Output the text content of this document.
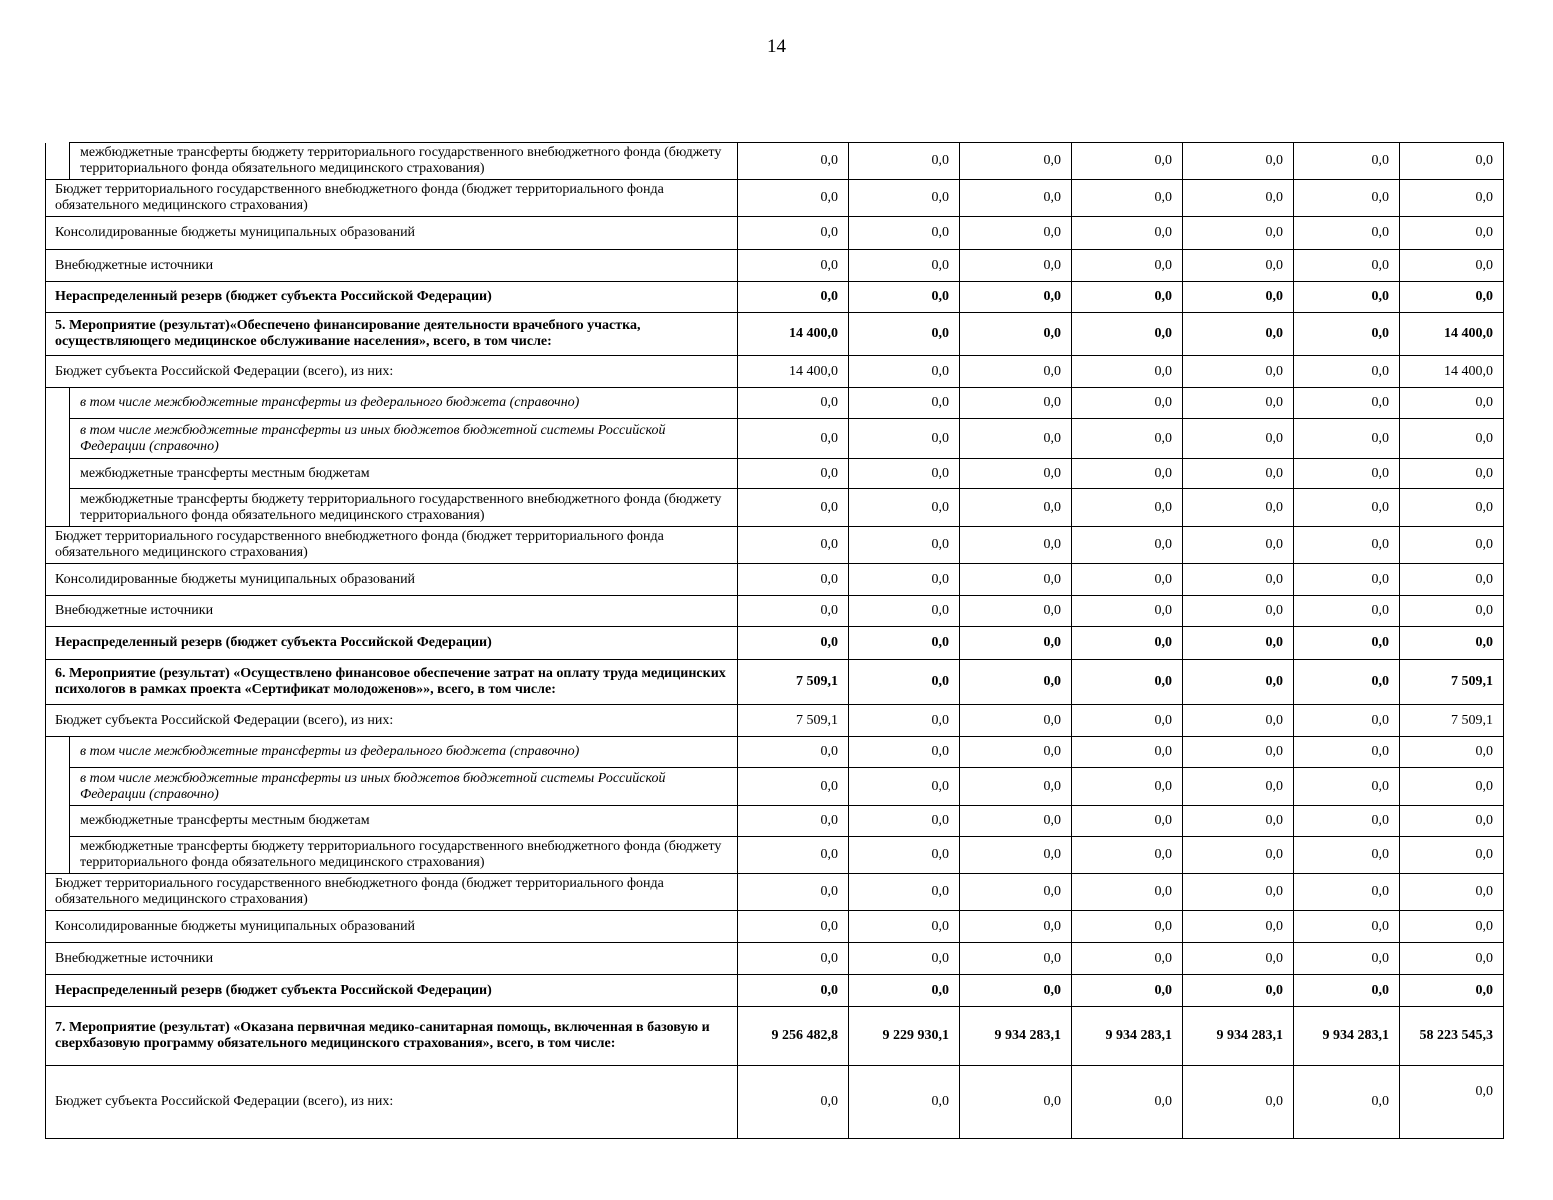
14
	межбюджетные трансферты бюджету территориального государственного внебюджетного фонда (бюджету территориального фонда обязательного медицинского страхования)	0,0	0,0	0,0	0,0	0,0	0,0	0,0
Бюджет территориального государственного внебюджетного фонда (бюджет территориального фонда обязательного медицинского страхования)		0,0	0,0	0,0	0,0	0,0	0,0	0,0
Консолидированные бюджеты муниципальных образований		0,0	0,0	0,0	0,0	0,0	0,0	0,0
Внебюджетные источники		0,0	0,0	0,0	0,0	0,0	0,0	0,0
Нераспределенный резерв (бюджет субъекта Российской Федерации)		0,0	0,0	0,0	0,0	0,0	0,0	0,0
5. Мероприятие (результат)«Обеспечено финансирование деятельности врачебного участка, осуществляющего медицинское обслуживание населения», всего, в том числе:		14 400,0	0,0	0,0	0,0	0,0	0,0	14 400,0
Бюджет субъекта Российской Федерации (всего), из них:		14 400,0	0,0	0,0	0,0	0,0	0,0	14 400,0
	в том числе межбюджетные трансферты из федерального бюджета (справочно)	0,0	0,0	0,0	0,0	0,0	0,0	0,0
	в том числе межбюджетные трансферты из иных бюджетов бюджетной системы Российской Федерации (справочно)	0,0	0,0	0,0	0,0	0,0	0,0	0,0
	межбюджетные трансферты местным бюджетам	0,0	0,0	0,0	0,0	0,0	0,0	0,0
	межбюджетные трансферты бюджету территориального государственного внебюджетного фонда (бюджету территориального фонда обязательного медицинского страхования)	0,0	0,0	0,0	0,0	0,0	0,0	0,0
Бюджет территориального государственного внебюджетного фонда (бюджет территориального фонда обязательного медицинского страхования)		0,0	0,0	0,0	0,0	0,0	0,0	0,0
Консолидированные бюджеты муниципальных образований		0,0	0,0	0,0	0,0	0,0	0,0	0,0
Внебюджетные источники		0,0	0,0	0,0	0,0	0,0	0,0	0,0
Нераспределенный резерв (бюджет субъекта Российской Федерации)		0,0	0,0	0,0	0,0	0,0	0,0	0,0
6. Мероприятие (результат) «Осуществлено финансовое обеспечение затрат на оплату труда медицинских психологов в рамках проекта «Сертификат молодоженов»», всего, в том числе:		7 509,1	0,0	0,0	0,0	0,0	0,0	7 509,1
Бюджет субъекта Российской Федерации (всего), из них:		7 509,1	0,0	0,0	0,0	0,0	0,0	7 509,1
	в том числе межбюджетные трансферты из федерального бюджета (справочно)	0,0	0,0	0,0	0,0	0,0	0,0	0,0
	в том числе межбюджетные трансферты из иных бюджетов бюджетной системы Российской Федерации (справочно)	0,0	0,0	0,0	0,0	0,0	0,0	0,0
	межбюджетные трансферты местным бюджетам	0,0	0,0	0,0	0,0	0,0	0,0	0,0
	межбюджетные трансферты бюджету территориального государственного внебюджетного фонда (бюджету территориального фонда обязательного медицинского страхования)	0,0	0,0	0,0	0,0	0,0	0,0	0,0
Бюджет территориального государственного внебюджетного фонда (бюджет территориального фонда обязательного медицинского страхования)		0,0	0,0	0,0	0,0	0,0	0,0	0,0
Консолидированные бюджеты муниципальных образований		0,0	0,0	0,0	0,0	0,0	0,0	0,0
Внебюджетные источники		0,0	0,0	0,0	0,0	0,0	0,0	0,0
Нераспределенный резерв (бюджет субъекта Российской Федерации)		0,0	0,0	0,0	0,0	0,0	0,0	0,0
7. Мероприятие (результат) «Оказана первичная медико-санитарная помощь, включенная в базовую и сверхбазовую программу обязательного медицинского страхования», всего, в том числе:		9 256 482,8	9 229 930,1	9 934 283,1	9 934 283,1	9 934 283,1	9 934 283,1	58 223 545,3
Бюджет субъекта Российской Федерации (всего), из них:		0,0	0,0	0,0	0,0	0,0	0,0	0,0
